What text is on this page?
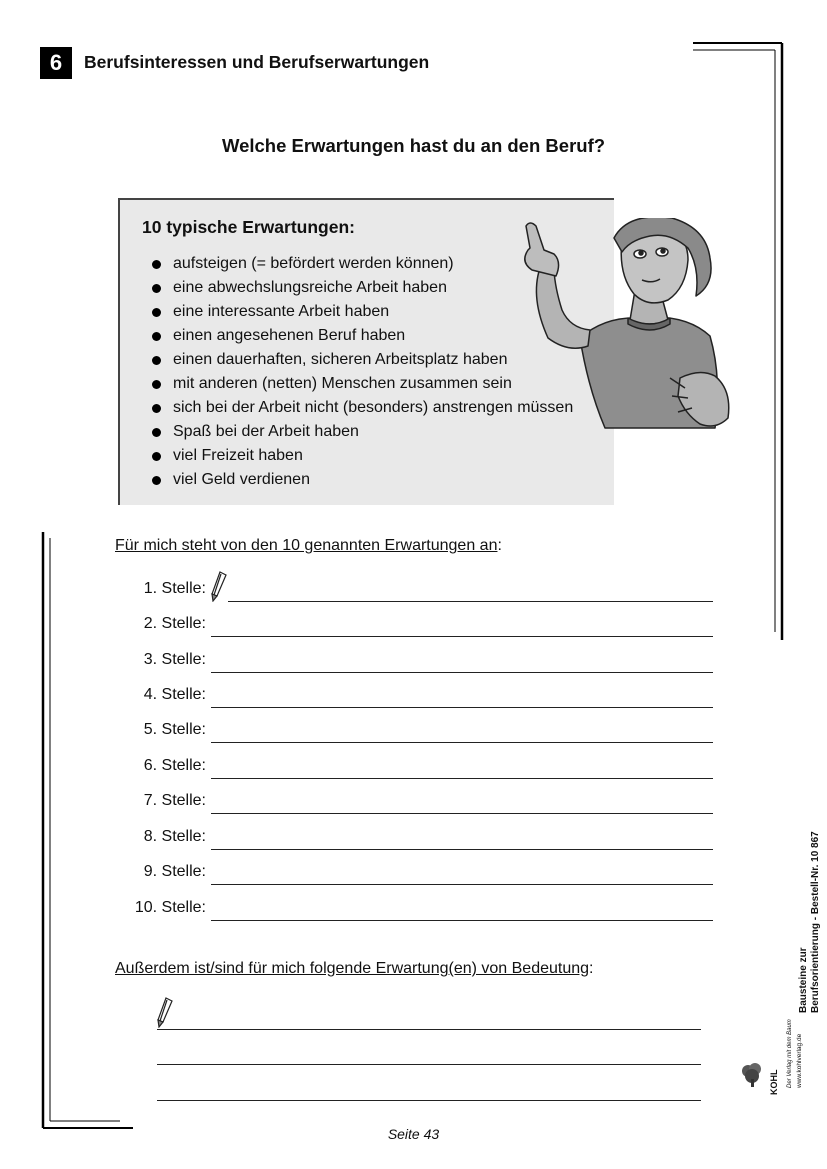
6	Berufsinteressen und Berufserwartungen
Welche Erwartungen hast du an den Beruf?
10 typische Erwartungen:
aufsteigen (= befördert werden können)
eine abwechslungsreiche Arbeit haben
eine interessante Arbeit haben
einen angesehenen Beruf haben
einen dauerhaften, sicheren Arbeitsplatz haben
mit anderen (netten) Menschen zusammen sein
sich bei der Arbeit nicht (besonders) anstrengen müssen
Spaß bei der Arbeit haben
viel Freizeit haben
viel Geld verdienen
Für mich steht von den 10 genannten Erwartungen an:
1. Stelle:
2. Stelle:
3. Stelle:
4. Stelle:
5. Stelle:
6. Stelle:
7. Stelle:
8. Stelle:
9. Stelle:
10. Stelle:
Außerdem ist/sind für mich folgende Erwartung(en) von Bedeutung:
Seite 43
Bausteine zur Berufsorientierung - Bestell-Nr. 10 867
KOHL	www.kohlverlag.de
Der Verlag mit dem Baum
